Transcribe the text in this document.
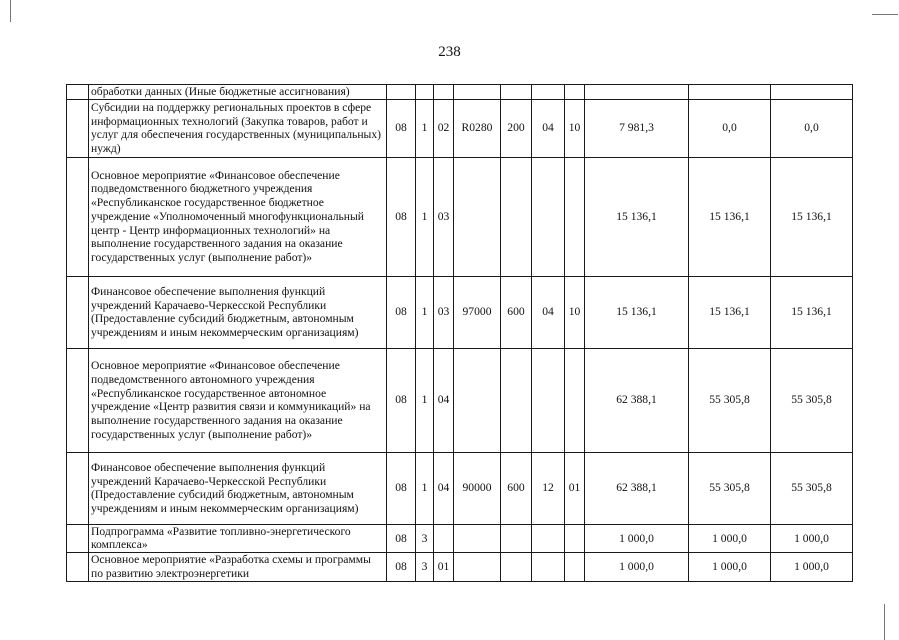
238
	обработки данных (Иные бюджетные ассигнования)										
	Субсидии на поддержку региональных проектов в сфере информационных технологий (Закупка товаров, работ и услуг для обеспечения государственных (муниципальных) нужд)	08	1	02	R0280	200	04	10	7 981,3	0,0	0,0
	Основное мероприятие «Финансовое обеспечение подведомственного бюджетного учреждения «Республиканское государственное бюджетное учреждение «Уполномоченный многофункциональный центр - Центр информационных технологий» на выполнение государственного задания на оказание государственных услуг (выполнение работ)»	08	1	03					15 136,1	15 136,1	15 136,1
	Финансовое обеспечение выполнения функций учреждений Карачаево-Черкесской Республики (Предоставление субсидий бюджетным, автономным учреждениям и иным некоммерческим организациям)	08	1	03	97000	600	04	10	15 136,1	15 136,1	15 136,1
	Основное мероприятие «Финансовое обеспечение подведомственного автономного учреждения «Республиканское государственное автономное учреждение «Центр развития связи и коммуникаций» на выполнение государственного задания на оказание государственных услуг (выполнение работ)»	08	1	04					62 388,1	55 305,8	55 305,8
	Финансовое обеспечение выполнения функций учреждений Карачаево-Черкесской Республики (Предоставление субсидий бюджетным, автономным учреждениям и иным некоммерческим организациям)	08	1	04	90000	600	12	01	62 388,1	55 305,8	55 305,8
	Подпрограмма «Развитие топливно-энергетического комплекса»	08	3						1 000,0	1 000,0	1 000,0
	Основное мероприятие «Разработка схемы и программы по развитию электроэнергетики	08	3	01					1 000,0	1 000,0	1 000,0
